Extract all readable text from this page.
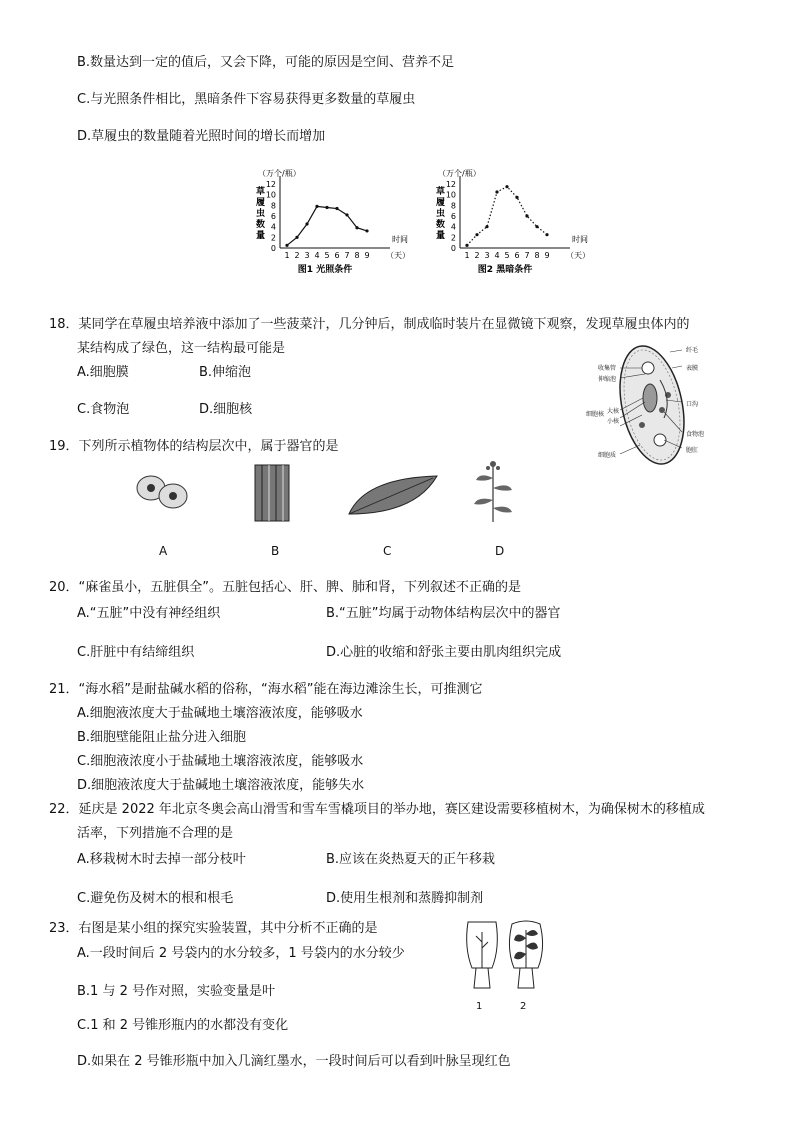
B.数量达到一定的值后，又会下降，可能的原因是空间、营养不足
C.与光照条件相比，黑暗条件下容易获得更多数量的草履虫
D.草履虫的数量随着光照时间的增长而增加
（万个/瓶）
草
履
虫
数
量
0
2
4
6
8
10
12
1 2 3 4 5 6 7 8 9
时间
（天）
图1 光照条件
（万个/瓶）
草
履
虫
数
量
0
2
4
6
8
10
12
1 2 3 4 5 6 7 8 9
时间
（天）
图2 黑暗条件
18．某同学在草履虫培养液中添加了一些菠菜汁，几分钟后，制成临时装片在显微镜下观察，发现草履虫体内的
某结构成了绿色，这一结构最可能是
A.细胞膜	B.伸缩泡
C.食物泡	D.细胞核
收集管
伸缩泡
细胞核 大核
小核
细胞质
纤毛
表膜
口沟
食物泡
胞肛
19．下列所示植物体的结构层次中，属于器官的是
A	B	C	D
20．“麻雀虽小，五脏俱全”。五脏包括心、肝、脾、肺和肾，下列叙述不正确的是
A.“五脏”中没有神经组织	B.“五脏”均属于动物体结构层次中的器官
C.肝脏中有结缔组织	D.心脏的收缩和舒张主要由肌肉组织完成
21．“海水稻”是耐盐碱水稻的俗称，“海水稻”能在海边滩涂生长，可推测它
A.细胞液浓度大于盐碱地土壤溶液浓度，能够吸水
B.细胞壁能阻止盐分进入细胞
C.细胞液浓度小于盐碱地土壤溶液浓度，能够吸水
D.细胞液浓度大于盐碱地土壤溶液浓度，能够失水
22．延庆是 2022 年北京冬奥会高山滑雪和雪车雪橇项目的举办地，赛区建设需要移植树木，为确保树木的移植成
活率，下列措施不合理的是
A.移栽树木时去掉一部分枝叶	B.应该在炎热夏天的正午移栽
C.避免伤及树木的根和根毛	D.使用生根剂和蒸腾抑制剂
23．右图是某小组的探究实验装置，其中分析不正确的是
A.一段时间后 2 号袋内的水分较多，1 号袋内的水分较少
B.1 与 2 号作对照，实验变量是叶
C.1 和 2 号锥形瓶内的水都没有变化
D.如果在 2 号锥形瓶中加入几滴红墨水，一段时间后可以看到叶脉呈现红色
1	2
